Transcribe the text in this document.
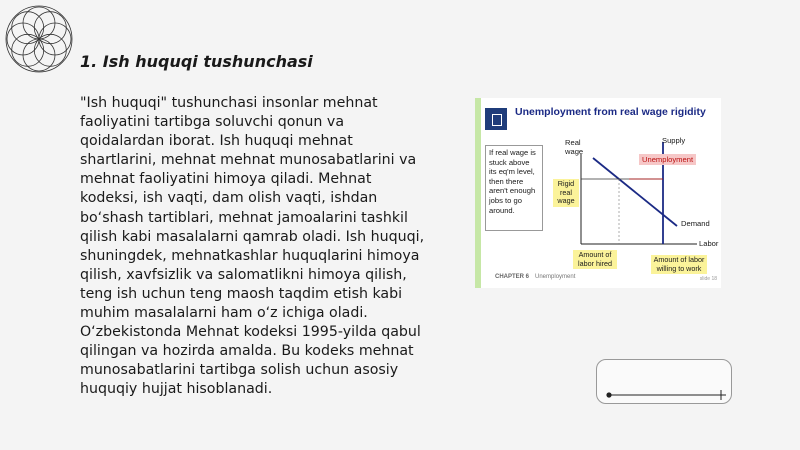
1. Ish huquqi tushunchasi

"Ish huquqi" tushunchasi insonlar mehnat faoliyatini tartibga soluvchi qonun va qoidalardan iborat. Ish huquqi mehnat shartlarini, mehnat mehnat munosabatlarini va mehnat faoliyatini himoya qiladi. Mehnat kodeksi, ish vaqti, dam olish vaqti, ishdan bo‘shash tartiblari, mehnat jamoalarini tashkil qilish kabi masalalarni qamrab oladi. Ish huquqi, shuningdek, mehnatkashlar huquqlarini himoya qilish, xavfsizlik va salomatlikni himoya qilish, teng ish uchun teng maosh taqdim etish kabi muhim masalalarni ham o‘z ichiga oladi. O‘zbekistonda Mehnat kodeksi 1995-yilda qabul qilingan va hozirda amalda. Bu kodeks mehnat munosabatlarini tartibga solish uchun asosiy huquqiy hujjat hisoblanadi.

Unemployment from real wage rigidity
If real wage is stuck above its eq'm level, then there aren't enough jobs to go around.
Real wage
Supply
Unemployment
Rigid real wage
Demand
Labor
Amount of labor hired	Amount of labor willing to work
CHAPTER 6 Unemployment	slide 18
